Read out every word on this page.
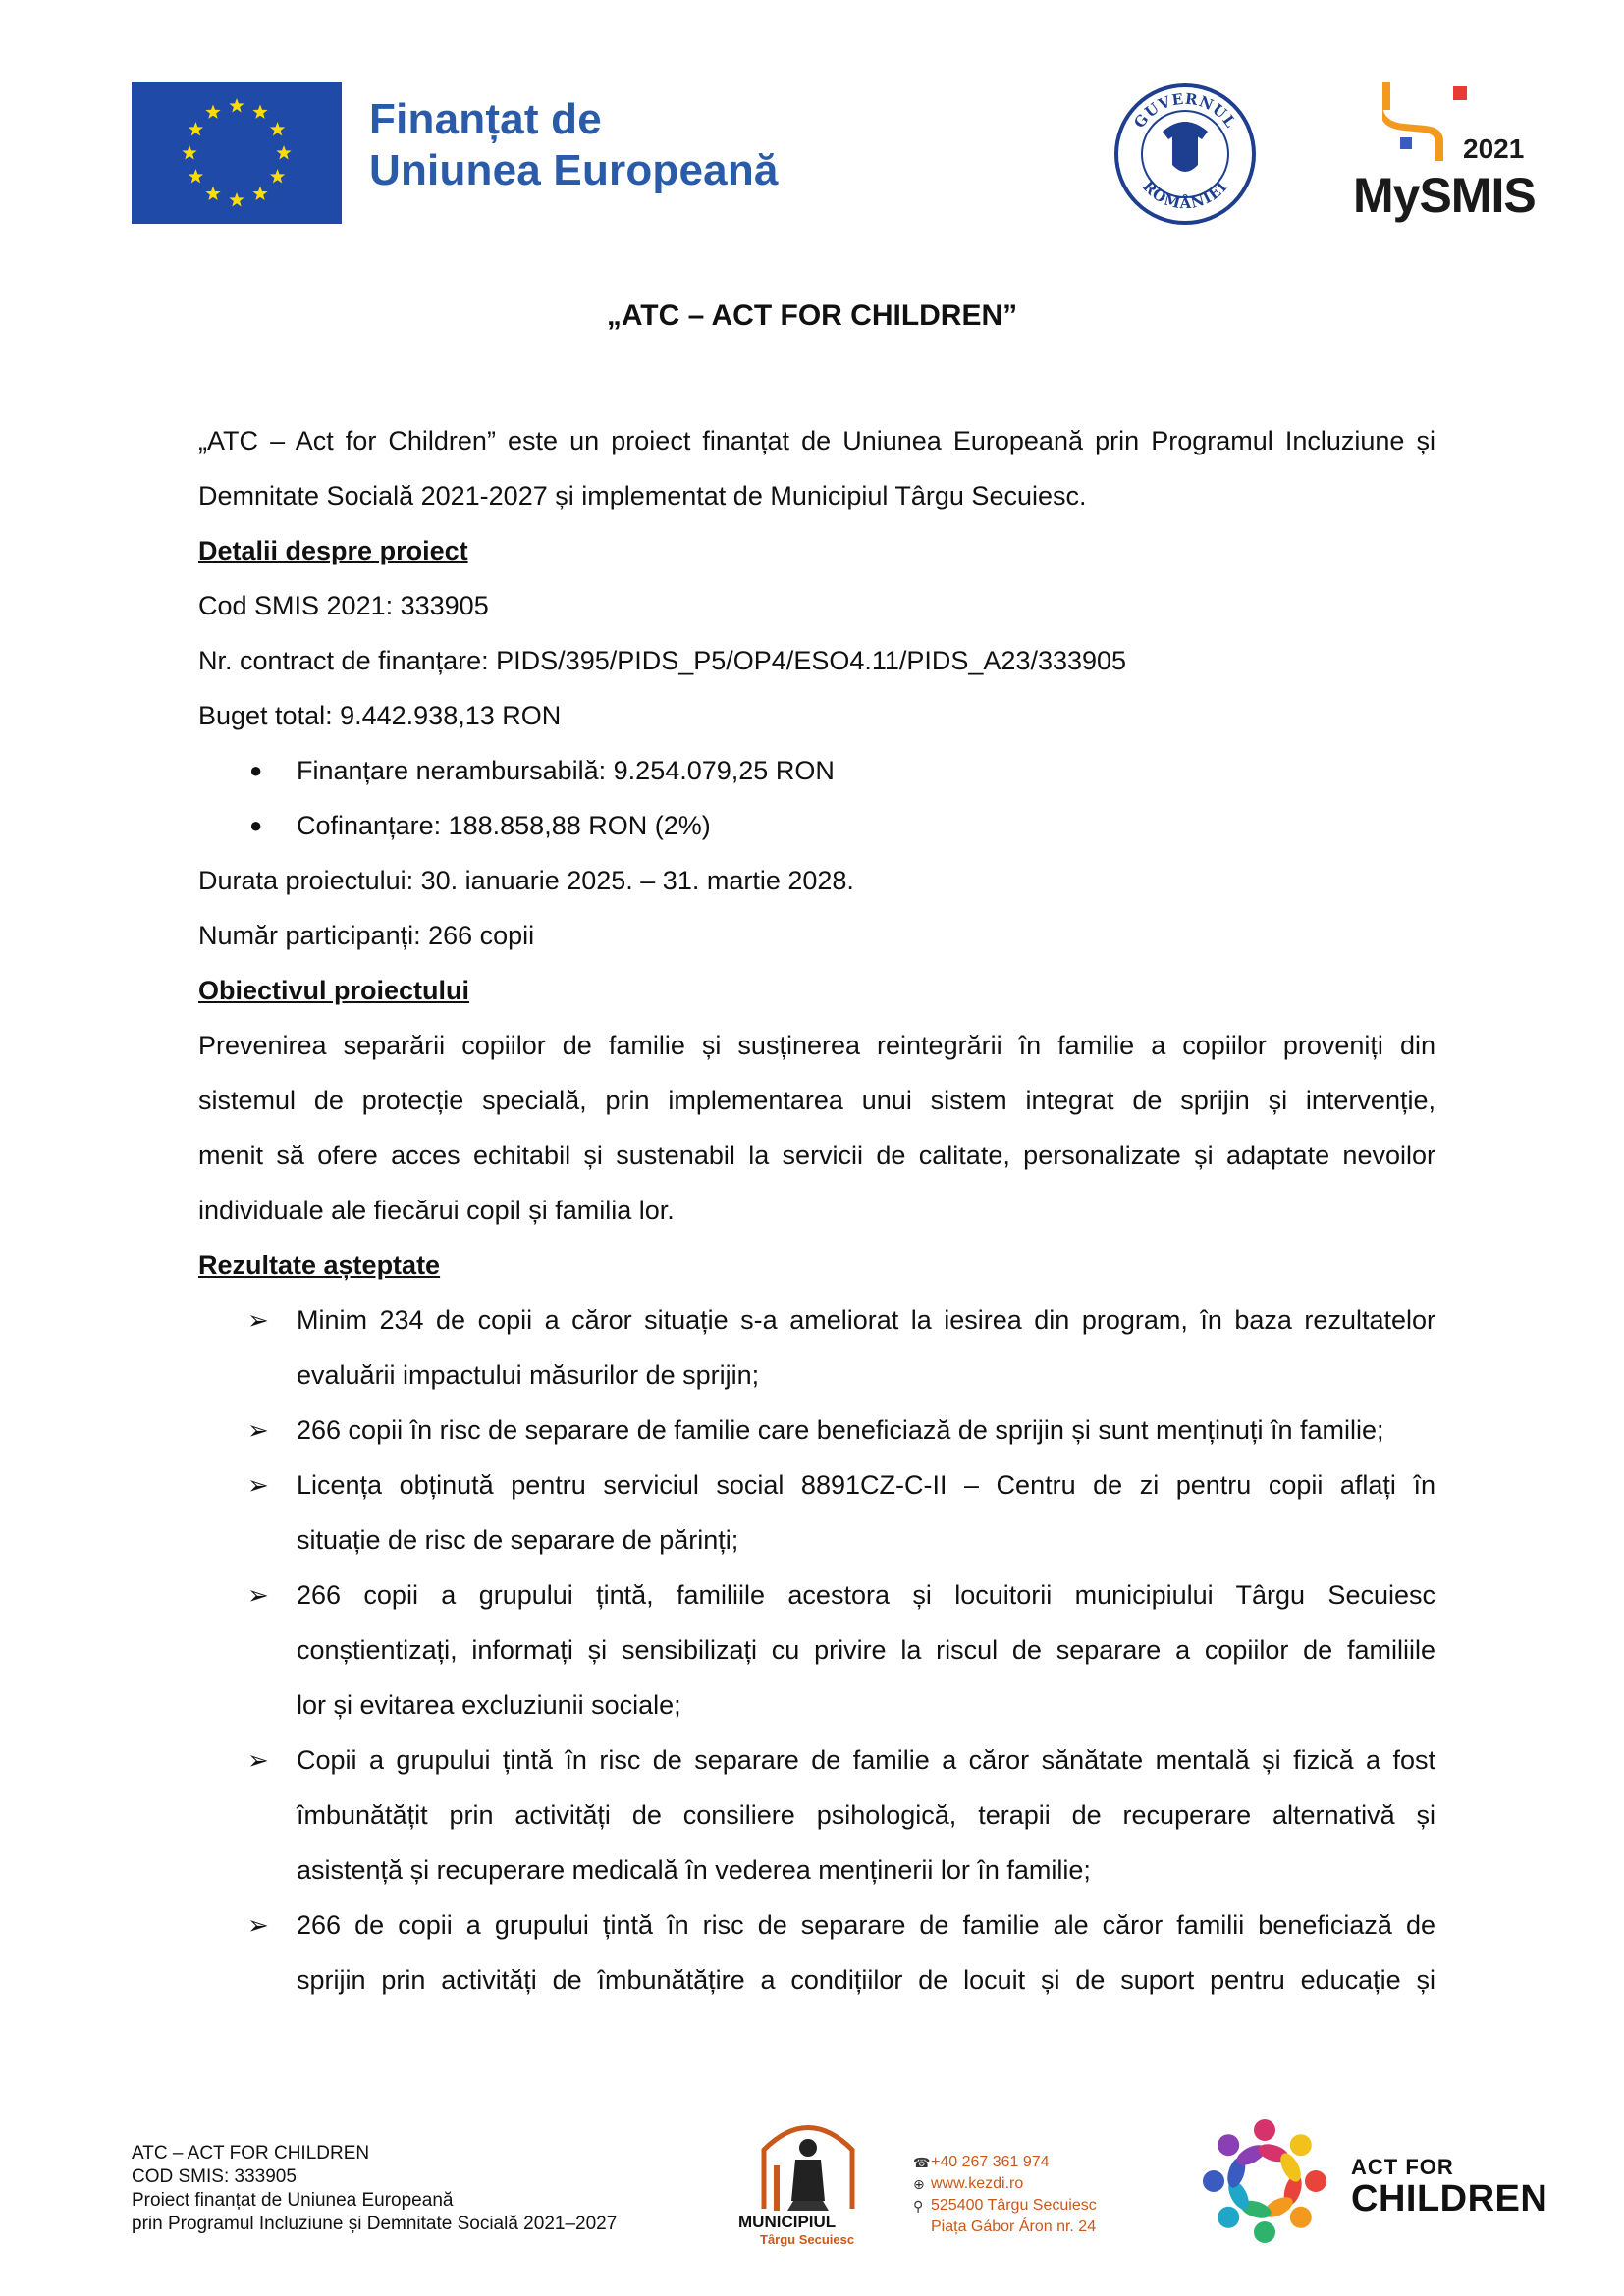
Finanțat de
Uniunea Europeană
GUVERNUL
ROMÂNIEI
2021
MySMIS
„ATC – ACT FOR CHILDREN”
„ATC – Act for Children” este un proiect finanțat de Uniunea Europeană prin Programul Incluziune și
Demnitate Socială 2021-2027 și implementat de Municipiul Târgu Secuiesc.
Detalii despre proiect
Cod SMIS 2021: 333905
Nr. contract de finanțare: PIDS/395/PIDS_P5/OP4/ESO4.11/PIDS_A23/333905
Buget total: 9.442.938,13 RON
● Finanțare nerambursabilă: 9.254.079,25 RON
● Cofinanțare: 188.858,88 RON (2%)
Durata proiectului: 30. ianuarie 2025. – 31. martie 2028.
Număr participanți: 266 copii
Obiectivul proiectului
Prevenirea separării copiilor de familie și susținerea reintegrării în familie a copiilor proveniți din
sistemul de protecție specială, prin implementarea unui sistem integrat de sprijin și intervenție,
menit să ofere acces echitabil și sustenabil la servicii de calitate, personalizate și adaptate nevoilor
individuale ale fiecărui copil și familia lor.
Rezultate așteptate
➢ Minim 234 de copii a căror situație s-a ameliorat la iesirea din program, în baza rezultatelor
evaluării impactului măsurilor de sprijin;
➢ 266 copii în risc de separare de familie care beneficiază de sprijin și sunt menținuți în familie;
➢ Licența obținută pentru serviciul social 8891CZ-C-II – Centru de zi pentru copii aflați în
situație de risc de separare de părinți;
➢ 266 copii a grupului țintă, familiile acestora și locuitorii municipiului Târgu Secuiesc
conștientizați, informați și sensibilizați cu privire la riscul de separare a copiilor de familiile
lor și evitarea excluziunii sociale;
➢ Copii a grupului țintă în risc de separare de familie a căror sănătate mentală și fizică a fost
îmbunătățit prin activități de consiliere psihologică, terapii de recuperare alternativă și
asistență și recuperare medicală în vederea menținerii lor în familie;
➢ 266 de copii a grupului țintă în risc de separare de familie ale căror familii beneficiază de
sprijin prin activități de îmbunătățire a condițiilor de locuit și de suport pentru educație și
ATC – ACT FOR CHILDREN
COD SMIS: 333905
Proiect finanțat de Uniunea Europeană
prin Programul Incluziune și Demnitate Socială 2021–2027	MUNICIPIUL
Târgu Secuiesc
☎ +40 267 361 974
⊕ www.kezdi.ro
⚲ 525400 Târgu Secuiesc
Piața Gábor Áron nr. 24
ACT FOR
CHILDREN
